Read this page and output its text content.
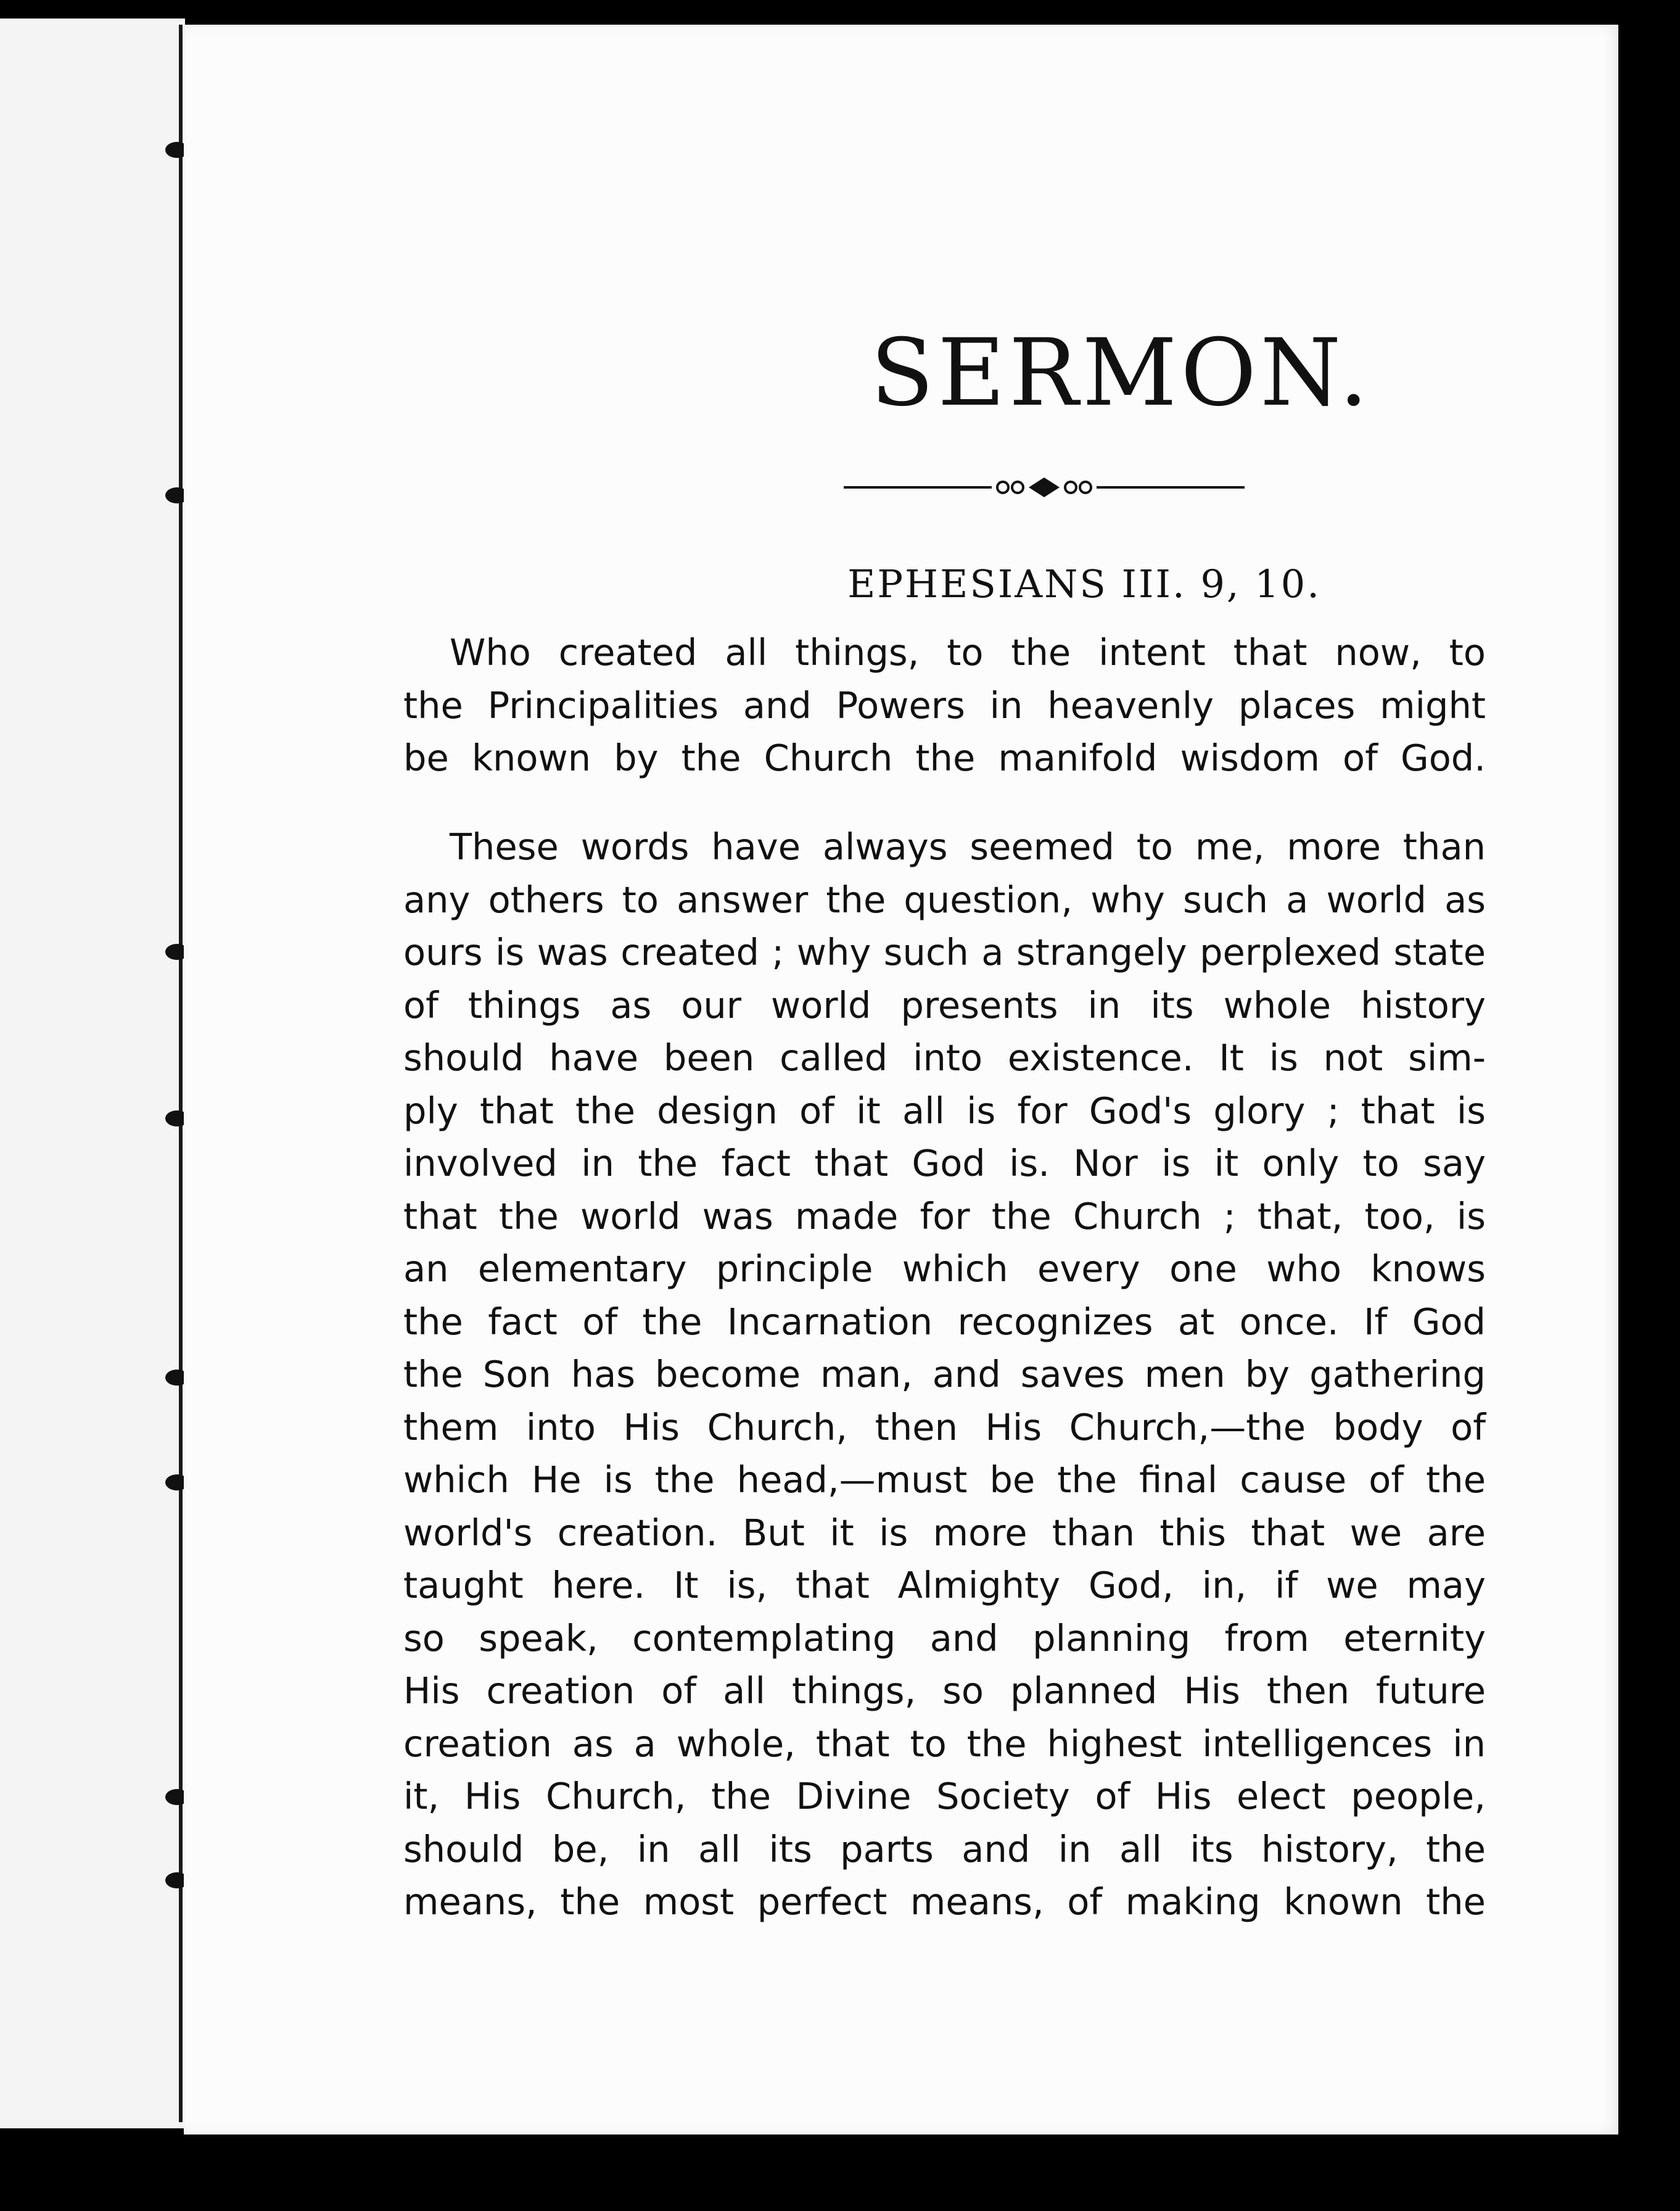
SERMON.
EPHESIANS III. 9, 10.

Who created all things, to the intent that now, to

the Principalities and Powers in heavenly places might

be known by the Church the manifold wisdom of God.

These words have always seemed to me, more than

any others to answer the question, why such a world as

ours is was created ; why such a strangely perplexed state

of things as our world presents in its whole history

should have been called into existence. It is not sim-

ply that the design of it all is for God's glory ; that is

involved in the fact that God is. Nor is it only to say

that the world was made for the Church ; that, too, is

an elementary principle which every one who knows

the fact of the Incarnation recognizes at once. If God

the Son has become man, and saves men by gathering

them into His Church, then His Church,—the body of

which He is the head,—must be the final cause of the

world's creation. But it is more than this that we are

taught here. It is, that Almighty God, in, if we may

so speak, contemplating and planning from eternity

His creation of all things, so planned His then future

creation as a whole, that to the highest intelligences in

it, His Church, the Divine Society of His elect people,

should be, in all its parts and in all its history, the

means, the most perfect means, of making known the
